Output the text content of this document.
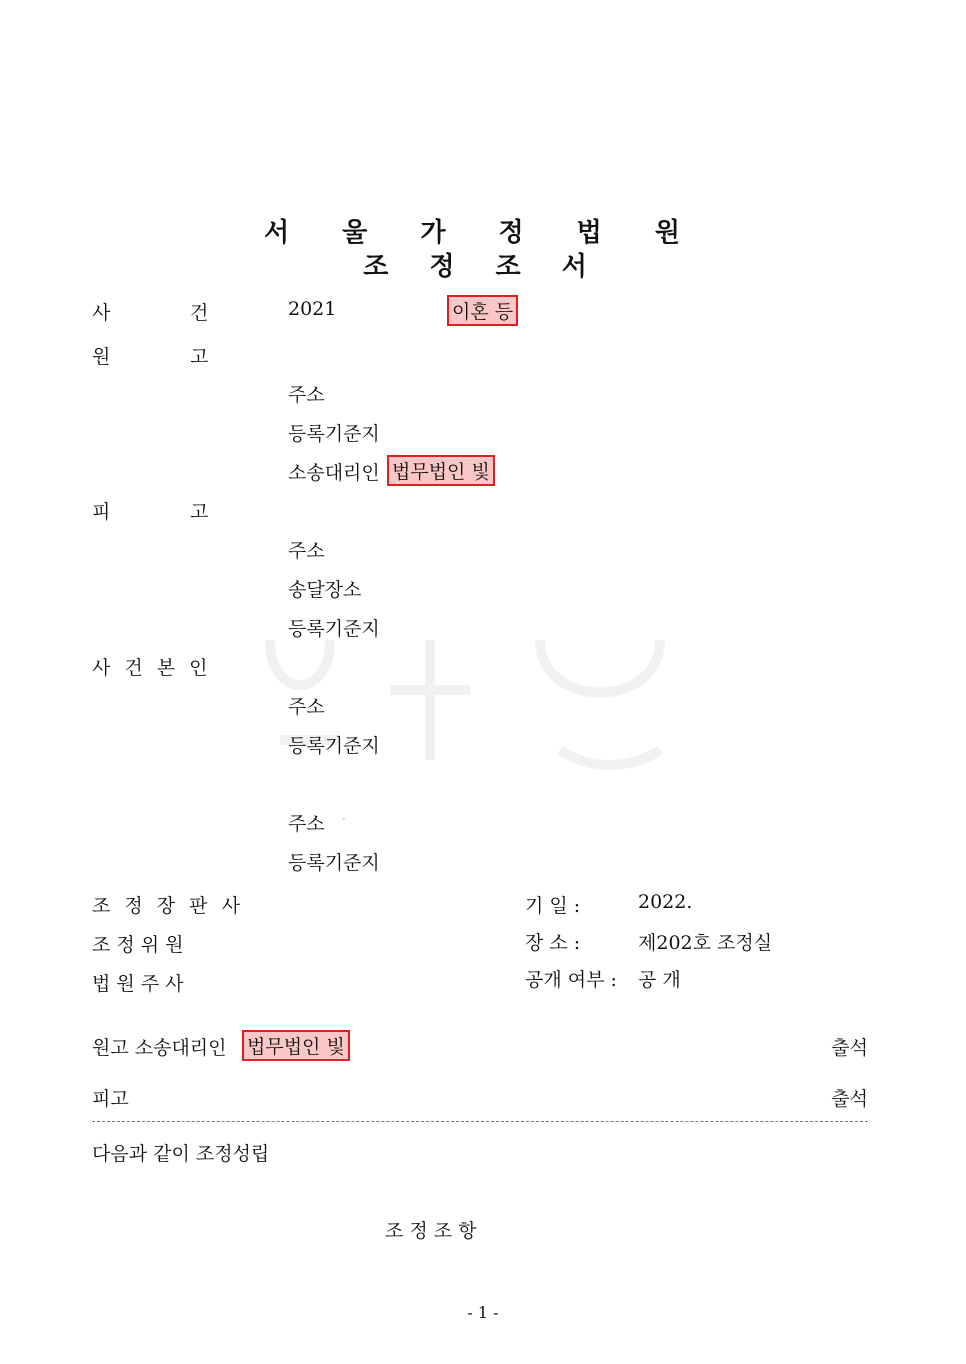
서 울 가 정 법 원
조 정 조 서
사	건	2021	이혼 등
원	고
주소
등록기준지
소송대리인 법무법인 빛
피	고
주소
송달장소
등록기준지
사 건 본 인
주소
등록기준지
주소 ·
등록기준지
조 정 장 판 사
조 정 위 원
법 원 주 사
기 일 :	2022.
장 소 :	제202호 조정실
공개 여부 : 공 개
원고 소송대리인 법무법인 빛	출석
피고	출석
다음과 같이 조정성립
조 정 조 항
- 1 -
